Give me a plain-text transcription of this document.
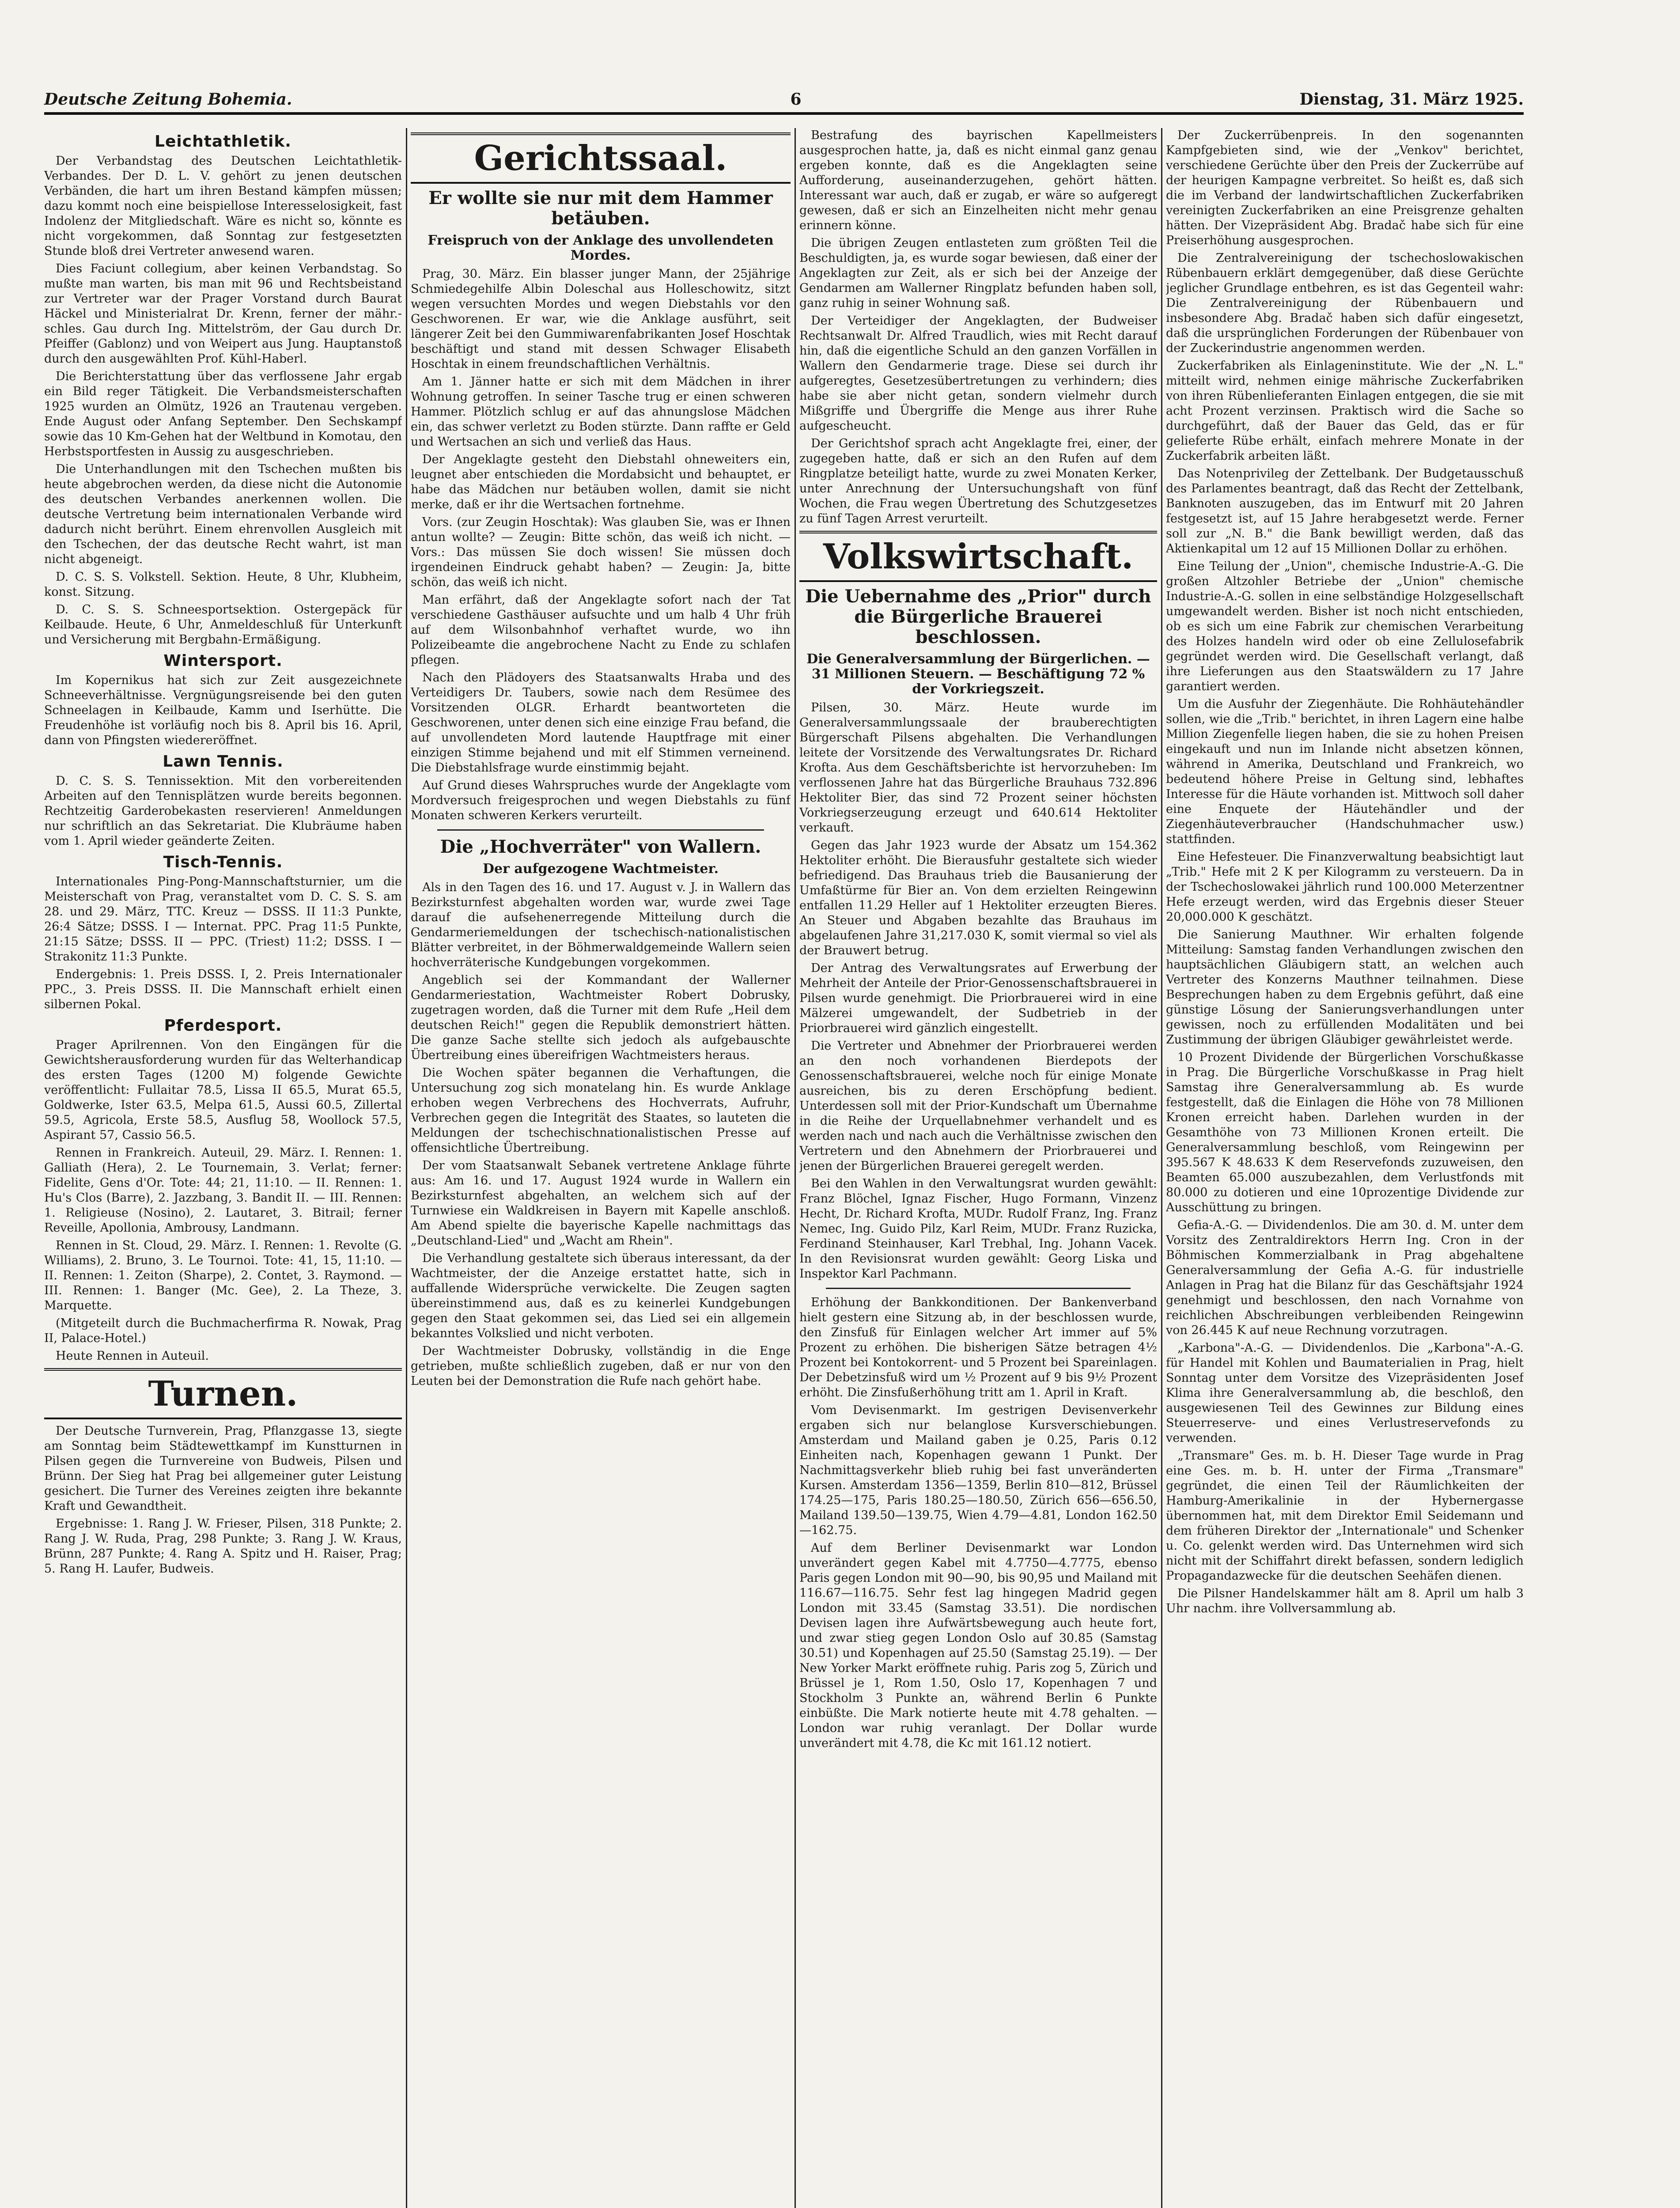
Deutsche Zeitung Bohemia.	6	Dienstag, 31. März 1925.
Leichtathletik.

Der Verbandstag des Deutschen Leichtathletik-Verbandes. Der D. L. V. gehört zu jenen deutschen Verbänden, die hart um ihren Bestand kämpfen müssen; dazu kommt noch eine beispiellose Interesselosigkeit, fast Indolenz der Mitgliedschaft. Wäre es nicht so, könnte es nicht vorgekommen, daß Sonntag zur festgesetzten Stunde bloß drei Vertreter anwesend waren.

Dies Faciunt collegium, aber keinen Verbandstag. So mußte man warten, bis man mit 96 und Rechtsbeistand zur Vertreter war der Prager Vorstand durch Baurat Häckel und Ministerialrat Dr. Krenn, ferner der mähr.-schles. Gau durch Ing. Mittelström, der Gau durch Dr. Pfeiffer (Gablonz) und von Weipert aus Jung. Hauptanstoß durch den ausgewählten Prof. Kühl-Haberl.

Die Berichterstattung über das verflossene Jahr ergab ein Bild reger Tätigkeit. Die Verbandsmeisterschaften 1925 wurden an Olmütz, 1926 an Trautenau vergeben. Ende August oder Anfang September. Den Sechskampf sowie das 10 Km-Gehen hat der Weltbund in Komotau, den Herbstsportfesten in Aussig zu ausgeschrieben.

Die Unterhandlungen mit den Tschechen mußten bis heute abgebrochen werden, da diese nicht die Autonomie des deutschen Verbandes anerkennen wollen. Die deutsche Vertretung beim internationalen Verbande wird dadurch nicht berührt. Einem ehrenvollen Ausgleich mit den Tschechen, der das deutsche Recht wahrt, ist man nicht abgeneigt.

D. C. S. S. Volkstell. Sektion. Heute, 8 Uhr, Klubheim, konst. Sitzung.

D. C. S. S. Schneesportsektion. Ostergepäck für Keilbaude. Heute, 6 Uhr, Anmeldeschluß für Unterkunft und Versicherung mit Bergbahn-Ermäßigung.

Wintersport.

Im Kopernikus hat sich zur Zeit ausgezeichnete Schneeverhältnisse. Vergnügungsreisende bei den guten Schneelagen in Keilbaude, Kamm und Iserhütte. Die Freudenhöhe ist vorläufig noch bis 8. April bis 16. April, dann von Pfingsten wiedereröffnet.

Lawn Tennis.

D. C. S. S. Tennissektion. Mit den vorbereitenden Arbeiten auf den Tennisplätzen wurde bereits begonnen. Rechtzeitig Garderobekasten reservieren! Anmeldungen nur schriftlich an das Sekretariat. Die Klubräume haben vom 1. April wieder geänderte Zeiten.

Tisch-Tennis.

Internationales Ping-Pong-Mannschaftsturnier, um die Meisterschaft von Prag, veranstaltet vom D. C. S. S. am 28. und 29. März, TTC. Kreuz — DSSS. II 11:3 Punkte, 26:4 Sätze; DSSS. I — Internat. PPC. Prag 11:5 Punkte, 21:15 Sätze; DSSS. II — PPC. (Triest) 11:2; DSSS. I — Strakonitz 11:3 Punkte.

Endergebnis: 1. Preis DSSS. I, 2. Preis Internationaler PPC., 3. Preis DSSS. II. Die Mannschaft erhielt einen silbernen Pokal.

Pferdesport.

Prager Aprilrennen. Von den Eingängen für die Gewichtsherausforderung wurden für das Welterhandicap des ersten Tages (1200 M) folgende Gewichte veröffentlicht: Fullaitar 78.5, Lissa II 65.5, Murat 65.5, Goldwerke, Ister 63.5, Melpa 61.5, Aussi 60.5, Zillertal 59.5, Agricola, Erste 58.5, Ausflug 58, Woollock 57.5, Aspirant 57, Cassio 56.5.

Rennen in Frankreich. Auteuil, 29. März. I. Rennen: 1. Galliath (Hera), 2. Le Tournemain, 3. Verlat; ferner: Fidelite, Gens d'Or. Tote: 44; 21, 11:10. — II. Rennen: 1. Hu's Clos (Barre), 2. Jazzbang, 3. Bandit II. — III. Rennen: 1. Religieuse (Nosino), 2. Lautaret, 3. Bitrail; ferner Reveille, Apollonia, Ambrousy, Landmann.

Rennen in St. Cloud, 29. März. I. Rennen: 1. Revolte (G. Williams), 2. Bruno, 3. Le Tournoi. Tote: 41, 15, 11:10. — II. Rennen: 1. Zeiton (Sharpe), 2. Contet, 3. Raymond. — III. Rennen: 1. Banger (Mc. Gee), 2. La Theze, 3. Marquette.

(Mitgeteilt durch die Buchmacherfirma R. Nowak, Prag II, Palace-Hotel.)

Heute Rennen in Auteuil.

Turnen.

Der Deutsche Turnverein, Prag, Pflanzgasse 13, siegte am Sonntag beim Städtewettkampf im Kunstturnen in Pilsen gegen die Turnvereine von Budweis, Pilsen und Brünn. Der Sieg hat Prag bei allgemeiner guter Leistung gesichert. Die Turner des Vereines zeigten ihre bekannte Kraft und Gewandtheit.

Ergebnisse: 1. Rang J. W. Frieser, Pilsen, 318 Punkte; 2. Rang J. W. Ruda, Prag, 298 Punkte; 3. Rang J. W. Kraus, Brünn, 287 Punkte; 4. Rang A. Spitz und H. Raiser, Prag; 5. Rang H. Laufer, Budweis.

Gerichtssaal.
Er wollte sie nur mit dem Hammer betäuben.
Freispruch von der Anklage des unvollendeten Mordes.

Prag, 30. März. Ein blasser junger Mann, der 25jährige Schmiedegehilfe Albin Doleschal aus Holleschowitz, sitzt wegen versuchten Mordes und wegen Diebstahls vor den Geschworenen. Er war, wie die Anklage ausführt, seit längerer Zeit bei den Gummiwarenfabrikanten Josef Hoschtak beschäftigt und stand mit dessen Schwager Elisabeth Hoschtak in einem freundschaftlichen Verhältnis.

Am 1. Jänner hatte er sich mit dem Mädchen in ihrer Wohnung getroffen. In seiner Tasche trug er einen schweren Hammer. Plötzlich schlug er auf das ahnungslose Mädchen ein, das schwer verletzt zu Boden stürzte. Dann raffte er Geld und Wertsachen an sich und verließ das Haus.

Der Angeklagte gesteht den Diebstahl ohneweiters ein, leugnet aber entschieden die Mordabsicht und behauptet, er habe das Mädchen nur betäuben wollen, damit sie nicht merke, daß er ihr die Wertsachen fortnehme.

Vors. (zur Zeugin Hoschtak): Was glauben Sie, was er Ihnen antun wollte? — Zeugin: Bitte schön, das weiß ich nicht. — Vors.: Das müssen Sie doch wissen! Sie müssen doch irgendeinen Eindruck gehabt haben? — Zeugin: Ja, bitte schön, das weiß ich nicht.

Man erfährt, daß der Angeklagte sofort nach der Tat verschiedene Gasthäuser aufsuchte und um halb 4 Uhr früh auf dem Wilsonbahnhof verhaftet wurde, wo ihn Polizeibeamte die angebrochene Nacht zu Ende zu schlafen pflegen.

Nach den Plädoyers des Staatsanwalts Hraba und des Verteidigers Dr. Taubers, sowie nach dem Resümee des Vorsitzenden OLGR. Erhardt beantworteten die Geschworenen, unter denen sich eine einzige Frau befand, die auf unvollendeten Mord lautende Hauptfrage mit einer einzigen Stimme bejahend und mit elf Stimmen verneinend. Die Diebstahlsfrage wurde einstimmig bejaht.

Auf Grund dieses Wahrspruches wurde der Angeklagte vom Mordversuch freigesprochen und wegen Diebstahls zu fünf Monaten schweren Kerkers verurteilt.

Die „Hochverräter" von Wallern.
Der aufgezogene Wachtmeister.

Als in den Tagen des 16. und 17. August v. J. in Wallern das Bezirksturnfest abgehalten worden war, wurde zwei Tage darauf die aufsehenerregende Mitteilung durch die Gendarmeriemeldungen der tschechisch-nationalistischen Blätter verbreitet, in der Böhmerwaldgemeinde Wallern seien hochverräterische Kundgebungen vorgekommen.

Angeblich sei der Kommandant der Wallerner Gendarmeriestation, Wachtmeister Robert Dobrusky, zugetragen worden, daß die Turner mit dem Rufe „Heil dem deutschen Reich!" gegen die Republik demonstriert hätten. Die ganze Sache stellte sich jedoch als aufgebauschte Übertreibung eines übereifrigen Wachtmeisters heraus.

Die Wochen später begannen die Verhaftungen, die Untersuchung zog sich monatelang hin. Es wurde Anklage erhoben wegen Verbrechens des Hochverrats, Aufruhr, Verbrechen gegen die Integrität des Staates, so lauteten die Meldungen der tschechischnationalistischen Presse auf offensichtliche Übertreibung.

Der vom Staatsanwalt Sebanek vertretene Anklage führte aus: Am 16. und 17. August 1924 wurde in Wallern ein Bezirksturnfest abgehalten, an welchem sich auf der Turnwiese ein Waldkreisen in Bayern mit Kapelle anschloß. Am Abend spielte die bayerische Kapelle nachmittags das „Deutschland-Lied" und „Wacht am Rhein".

Die Verhandlung gestaltete sich überaus interessant, da der Wachtmeister, der die Anzeige erstattet hatte, sich in auffallende Widersprüche verwickelte. Die Zeugen sagten übereinstimmend aus, daß es zu keinerlei Kundgebungen gegen den Staat gekommen sei, das Lied sei ein allgemein bekanntes Volkslied und nicht verboten.

Der Wachtmeister Dobrusky, vollständig in die Enge getrieben, mußte schließlich zugeben, daß er nur von den Leuten bei der Demonstration die Rufe nach gehört habe.

Bestrafung des bayrischen Kapellmeisters ausgesprochen hatte, ja, daß es nicht einmal ganz genau ergeben konnte, daß es die Angeklagten seine Aufforderung, auseinanderzugehen, gehört hätten. Interessant war auch, daß er zugab, er wäre so aufgeregt gewesen, daß er sich an Einzelheiten nicht mehr genau erinnern könne.

Die übrigen Zeugen entlasteten zum größten Teil die Beschuldigten, ja, es wurde sogar bewiesen, daß einer der Angeklagten zur Zeit, als er sich bei der Anzeige der Gendarmen am Wallerner Ringplatz befunden haben soll, ganz ruhig in seiner Wohnung saß.

Der Verteidiger der Angeklagten, der Budweiser Rechtsanwalt Dr. Alfred Traudlich, wies mit Recht darauf hin, daß die eigentliche Schuld an den ganzen Vorfällen in Wallern den Gendarmerie trage. Diese sei durch ihr aufgeregtes, Gesetzesübertretungen zu verhindern; dies habe sie aber nicht getan, sondern vielmehr durch Mißgriffe und Übergriffe die Menge aus ihrer Ruhe aufgescheucht.

Der Gerichtshof sprach acht Angeklagte frei, einer, der zugegeben hatte, daß er sich an den Rufen auf dem Ringplatze beteiligt hatte, wurde zu zwei Monaten Kerker, unter Anrechnung der Untersuchungshaft von fünf Wochen, die Frau wegen Übertretung des Schutzgesetzes zu fünf Tagen Arrest verurteilt.

Volkswirtschaft.
Die Uebernahme des „Prior" durch die Bürgerliche Brauerei beschlossen.
Die Generalversammlung der Bürgerlichen. — 31 Millionen Steuern. — Beschäftigung 72 % der Vorkriegszeit.

Pilsen, 30. März. Heute wurde im Generalversammlungssaale der brauberechtigten Bürgerschaft Pilsens abgehalten. Die Verhandlungen leitete der Vorsitzende des Verwaltungsrates Dr. Richard Krofta. Aus dem Geschäftsberichte ist hervorzuheben: Im verflossenen Jahre hat das Bürgerliche Brauhaus 732.896 Hektoliter Bier, das sind 72 Prozent seiner höchsten Vorkriegserzeugung erzeugt und 640.614 Hektoliter verkauft.

Gegen das Jahr 1923 wurde der Absatz um 154.362 Hektoliter erhöht. Die Bierausfuhr gestaltete sich wieder befriedigend. Das Brauhaus trieb die Bausanierung der Umfaßtürme für Bier an. Von dem erzielten Reingewinn entfallen 11.29 Heller auf 1 Hektoliter erzeugten Bieres. An Steuer und Abgaben bezahlte das Brauhaus im abgelaufenen Jahre 31,217.030 K, somit viermal so viel als der Brauwert betrug.

Der Antrag des Verwaltungsrates auf Erwerbung der Mehrheit der Anteile der Prior-Genossenschaftsbrauerei in Pilsen wurde genehmigt. Die Priorbrauerei wird in eine Mälzerei umgewandelt, der Sudbetrieb in der Priorbrauerei wird gänzlich eingestellt.

Die Vertreter und Abnehmer der Priorbrauerei werden an den noch vorhandenen Bierdepots der Genossenschaftsbrauerei, welche noch für einige Monate ausreichen, bis zu deren Erschöpfung bedient. Unterdessen soll mit der Prior-Kundschaft um Übernahme in die Reihe der Urquellabnehmer verhandelt und es werden nach und nach auch die Verhältnisse zwischen den Vertretern und den Abnehmern der Priorbrauerei und jenen der Bürgerlichen Brauerei geregelt werden.

Bei den Wahlen in den Verwaltungsrat wurden gewählt: Franz Blöchel, Ignaz Fischer, Hugo Formann, Vinzenz Hecht, Dr. Richard Krofta, MUDr. Rudolf Franz, Ing. Franz Nemec, Ing. Guido Pilz, Karl Reim, MUDr. Franz Ruzicka, Ferdinand Steinhauser, Karl Trebhal, Ing. Johann Vacek. In den Revisionsrat wurden gewählt: Georg Liska und Inspektor Karl Pachmann.

Erhöhung der Bankkonditionen. Der Bankenverband hielt gestern eine Sitzung ab, in der beschlossen wurde, den Zinsfuß für Einlagen welcher Art immer auf 5% Prozent zu erhöhen. Die bisherigen Sätze betragen 4½ Prozent bei Kontokorrent- und 5 Prozent bei Spareinlagen. Der Debetzinsfuß wird um ½ Prozent auf 9 bis 9½ Prozent erhöht. Die Zinsfußerhöhung tritt am 1. April in Kraft.

Vom Devisenmarkt. Im gestrigen Devisenverkehr ergaben sich nur belanglose Kursverschiebungen. Amsterdam und Mailand gaben je 0.25, Paris 0.12 Einheiten nach, Kopenhagen gewann 1 Punkt. Der Nachmittagsverkehr blieb ruhig bei fast unveränderten Kursen. Amsterdam 1356—1359, Berlin 810—812, Brüssel 174.25—175, Paris 180.25—180.50, Zürich 656—656.50, Mailand 139.50—139.75, Wien 4.79—4.81, London 162.50—162.75.

Auf dem Berliner Devisenmarkt war London unverändert gegen Kabel mit 4.7750—4.7775, ebenso Paris gegen London mit 90—90, bis 90,95 und Mailand mit 116.67—116.75. Sehr fest lag hingegen Madrid gegen London mit 33.45 (Samstag 33.51). Die nordischen Devisen lagen ihre Aufwärtsbewegung auch heute fort, und zwar stieg gegen London Oslo auf 30.85 (Samstag 30.51) und Kopenhagen auf 25.50 (Samstag 25.19). — Der New Yorker Markt eröffnete ruhig. Paris zog 5, Zürich und Brüssel je 1, Rom 1.50, Oslo 17, Kopenhagen 7 und Stockholm 3 Punkte an, während Berlin 6 Punkte einbüßte. Die Mark notierte heute mit 4.78 gehalten. — London war ruhig veranlagt. Der Dollar wurde unverändert mit 4.78, die Kc mit 161.12 notiert.

Der Zuckerrübenpreis. In den sogenannten Kampfgebieten sind, wie der „Venkov" berichtet, verschiedene Gerüchte über den Preis der Zuckerrübe auf der heurigen Kampagne verbreitet. So heißt es, daß sich die im Verband der landwirtschaftlichen Zuckerfabriken vereinigten Zuckerfabriken an eine Preisgrenze gehalten hätten. Der Vizepräsident Abg. Bradač habe sich für eine Preiserhöhung ausgesprochen.

Die Zentralvereinigung der tschechoslowakischen Rübenbauern erklärt demgegenüber, daß diese Gerüchte jeglicher Grundlage entbehren, es ist das Gegenteil wahr: Die Zentralvereinigung der Rübenbauern und insbesondere Abg. Bradač haben sich dafür eingesetzt, daß die ursprünglichen Forderungen der Rübenbauer von der Zuckerindustrie angenommen werden.

Zuckerfabriken als Einlageninstitute. Wie der „N. L." mitteilt wird, nehmen einige mährische Zuckerfabriken von ihren Rübenlieferanten Einlagen entgegen, die sie mit acht Prozent verzinsen. Praktisch wird die Sache so durchgeführt, daß der Bauer das Geld, das er für gelieferte Rübe erhält, einfach mehrere Monate in der Zuckerfabrik arbeiten läßt.

Das Notenprivileg der Zettelbank. Der Budgetausschuß des Parlamentes beantragt, daß das Recht der Zettelbank, Banknoten auszugeben, das im Entwurf mit 20 Jahren festgesetzt ist, auf 15 Jahre herabgesetzt werde. Ferner soll zur „N. B." die Bank bewilligt werden, daß das Aktienkapital um 12 auf 15 Millionen Dollar zu erhöhen.

Eine Teilung der „Union", chemische Industrie-A.-G. Die großen Altzohler Betriebe der „Union" chemische Industrie-A.-G. sollen in eine selbständige Holzgesellschaft umgewandelt werden. Bisher ist noch nicht entschieden, ob es sich um eine Fabrik zur chemischen Verarbeitung des Holzes handeln wird oder ob eine Zellulosefabrik gegründet werden wird. Die Gesellschaft verlangt, daß ihre Lieferungen aus den Staatswäldern zu 17 Jahre garantiert werden.

Um die Ausfuhr der Ziegenhäute. Die Rohhäutehändler sollen, wie die „Trib." berichtet, in ihren Lagern eine halbe Million Ziegenfelle liegen haben, die sie zu hohen Preisen eingekauft und nun im Inlande nicht absetzen können, während in Amerika, Deutschland und Frankreich, wo bedeutend höhere Preise in Geltung sind, lebhaftes Interesse für die Häute vorhanden ist. Mittwoch soll daher eine Enquete der Häutehändler und der Ziegenhäuteverbraucher (Handschuhmacher usw.) stattfinden.

Eine Hefesteuer. Die Finanzverwaltung beabsichtigt laut „Trib." Hefe mit 2 K per Kilogramm zu versteuern. Da in der Tschechoslowakei jährlich rund 100.000 Meterzentner Hefe erzeugt werden, wird das Ergebnis dieser Steuer 20,000.000 K geschätzt.

Die Sanierung Mauthner. Wir erhalten folgende Mitteilung: Samstag fanden Verhandlungen zwischen den hauptsächlichen Gläubigern statt, an welchen auch Vertreter des Konzerns Mauthner teilnahmen. Diese Besprechungen haben zu dem Ergebnis geführt, daß eine günstige Lösung der Sanierungsverhandlungen unter gewissen, noch zu erfüllenden Modalitäten und bei Zustimmung der übrigen Gläubiger gewährleistet werde.

10 Prozent Dividende der Bürgerlichen Vorschußkasse in Prag. Die Bürgerliche Vorschußkasse in Prag hielt Samstag ihre Generalversammlung ab. Es wurde festgestellt, daß die Einlagen die Höhe von 78 Millionen Kronen erreicht haben. Darlehen wurden in der Gesamthöhe von 73 Millionen Kronen erteilt. Die Generalversammlung beschloß, vom Reingewinn per 395.567 K 48.633 K dem Reservefonds zuzuweisen, den Beamten 65.000 auszubezahlen, dem Verlustfonds mit 80.000 zu dotieren und eine 10prozentige Dividende zur Ausschüttung zu bringen.

Gefia-A.-G. — Dividendenlos. Die am 30. d. M. unter dem Vorsitz des Zentraldirektors Herrn Ing. Cron in der Böhmischen Kommerzialbank in Prag abgehaltene Generalversammlung der Gefia A.-G. für industrielle Anlagen in Prag hat die Bilanz für das Geschäftsjahr 1924 genehmigt und beschlossen, den nach Vornahme von reichlichen Abschreibungen verbleibenden Reingewinn von 26.445 K auf neue Rechnung vorzutragen.

„Karbona"-A.-G. — Dividendenlos. Die „Karbona"-A.-G. für Handel mit Kohlen und Baumaterialien in Prag, hielt Sonntag unter dem Vorsitze des Vizepräsidenten Josef Klima ihre Generalversammlung ab, die beschloß, den ausgewiesenen Teil des Gewinnes zur Bildung eines Steuerreserve- und eines Verlustreservefonds zu verwenden.

„Transmare" Ges. m. b. H. Dieser Tage wurde in Prag eine Ges. m. b. H. unter der Firma „Transmare" gegründet, die einen Teil der Räumlichkeiten der Hamburg-Amerikalinie in der Hybernergasse übernommen hat, mit dem Direktor Emil Seidemann und dem früheren Direktor der „Internationale" und Schenker u. Co. gelenkt werden wird. Das Unternehmen wird sich nicht mit der Schiffahrt direkt befassen, sondern lediglich Propagandazwecke für die deutschen Seehäfen dienen.

Die Pilsner Handelskammer hält am 8. April um halb 3 Uhr nachm. ihre Vollversammlung ab.
